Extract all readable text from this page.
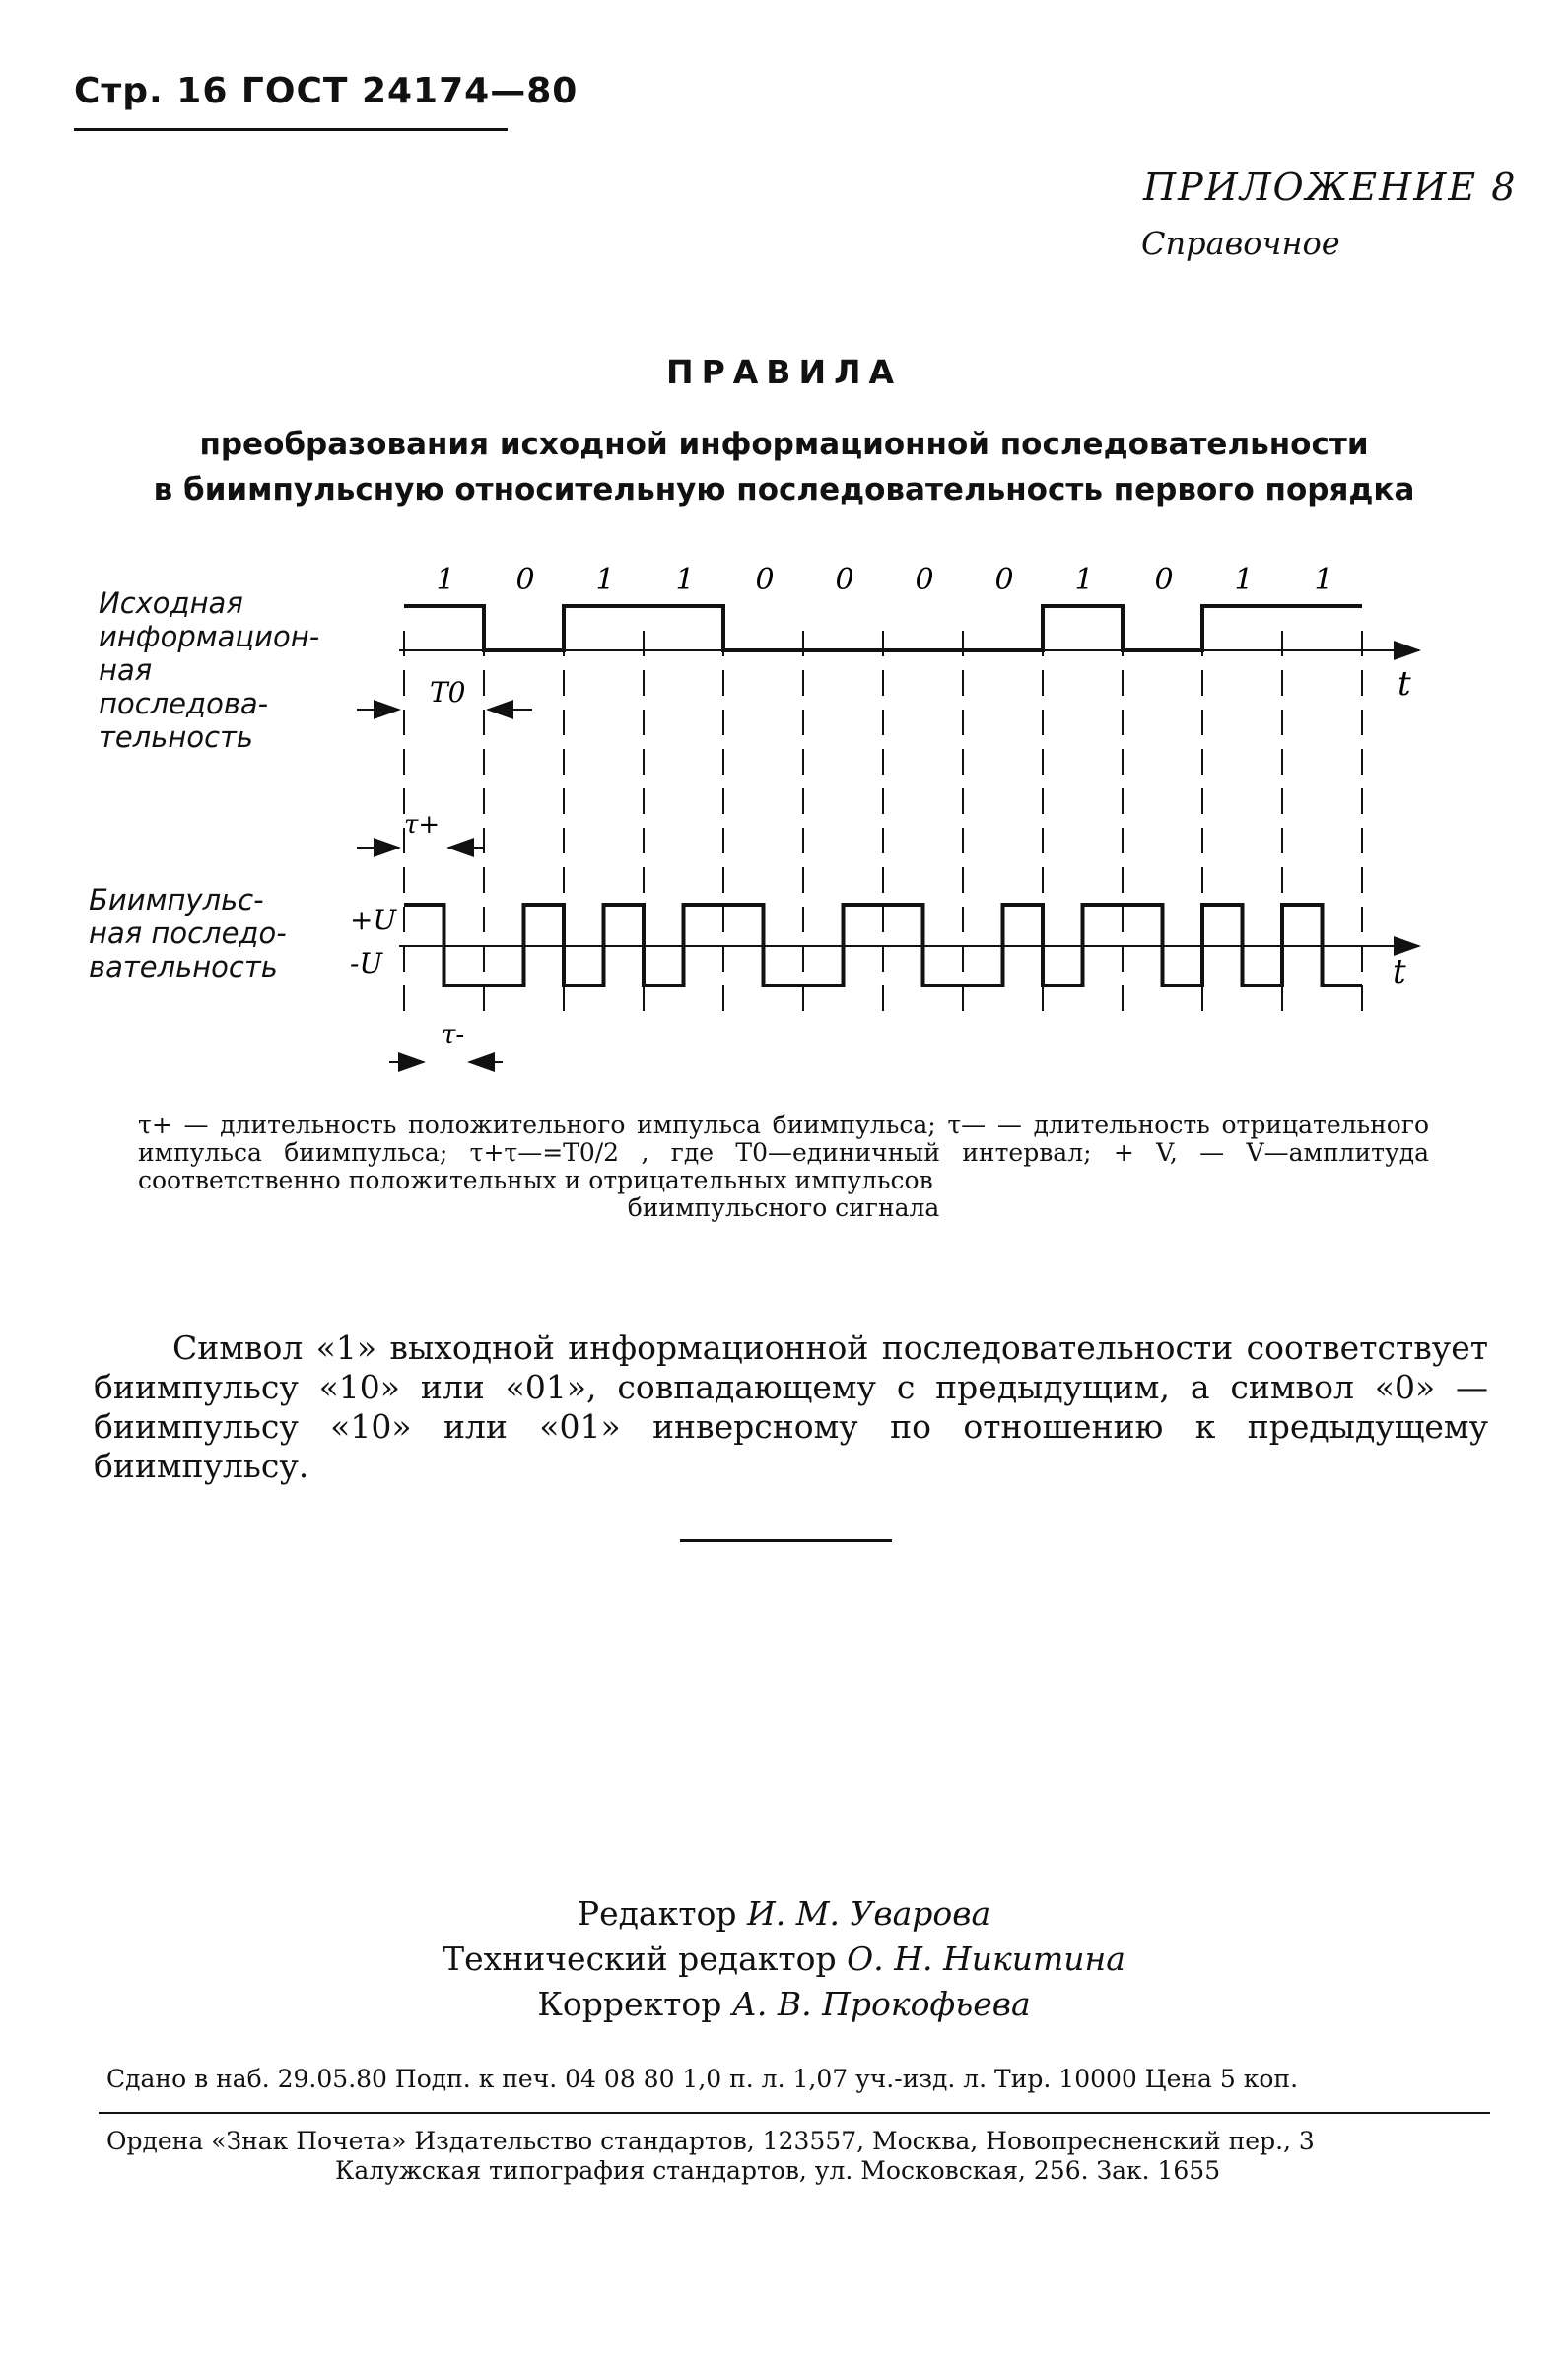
Стр. 16 ГОСТ 24174—80
ПРИЛОЖЕНИЕ 8
Справочное
ПРАВИЛА
преобразования исходной информационной последовательности
в биимпульсную относительную последовательность первого порядка
1 0 1 1 0 0 0 0 1 0 1 1
Исходная
информацион-
ная
последова-
тельность
t
T0
τ+
Биимпульс-
ная последо-
вательность
+U
-U	t
τ-
τ+ — длительность положительного импульса биимпульса; τ— — длительность отрицательного импульса биимпульса; τ+τ—=T0/2 , где T0—единичный интервал; + V, — V—амплитуда соответственно положительных и отрицательных импульсов
биимпульсного сигнала
Символ «1» выходной информационной последовательности соответствует биимпульсу «10» или «01», совпадающему с предыдущим, а символ «0» — биимпульсу «10» или «01» инверсному по отношению к предыдущему биимпульсу.
Редактор И. М. Уварова
Технический редактор О. Н. Никитина
Корректор А. В. Прокофьева
Сдано в наб. 29.05.80 Подп. к печ. 04 08 80 1,0 п. л. 1,07 уч.-изд. л. Тир. 10000 Цена 5 коп.
Ордена «Знак Почета» Издательство стандартов, 123557, Москва, Новопресненский пер., 3
Калужская типография стандартов, ул. Московская, 256. Зак. 1655
